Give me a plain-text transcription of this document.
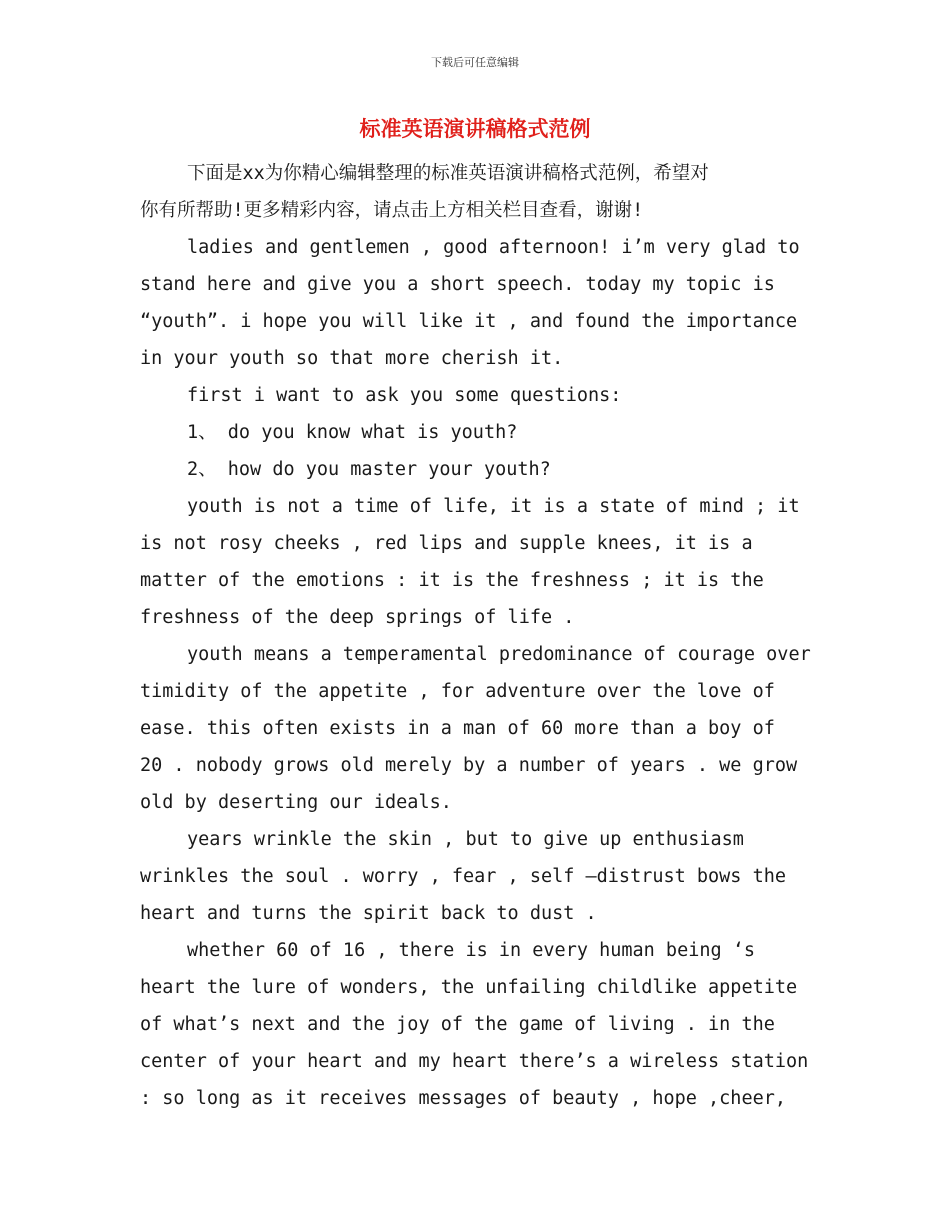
下载后可任意编辑
标准英语演讲稿格式范例
下面是xx为你精心编辑整理的标准英语演讲稿格式范例，希望对
你有所帮助!更多精彩内容，请点击上方相关栏目查看，谢谢!
ladies and gentlemen , good afternoon! i’m very glad to
stand here and give you a short speech. today my topic is
“youth”. i hope you will like it , and found the importance
in your youth so that more cherish it.
first i want to ask you some questions:
1、 do you know what is youth?
2、 how do you master your youth?
youth is not a time of life, it is a state of mind ; it
is not rosy cheeks , red lips and supple knees, it is a
matter of the emotions : it is the freshness ; it is the
freshness of the deep springs of life .
youth means a temperamental predominance of courage over
timidity of the appetite , for adventure over the love of
ease. this often exists in a man of 60 more than a boy of
20 . nobody grows old merely by a number of years . we grow
old by deserting our ideals.
years wrinkle the skin , but to give up enthusiasm
wrinkles the soul . worry , fear , self –distrust bows the
heart and turns the spirit back to dust .
whether 60 of 16 , there is in every human being ‘s
heart the lure of wonders, the unfailing childlike appetite
of what’s next and the joy of the game of living . in the
center of your heart and my heart there’s a wireless station
: so long as it receives messages of beauty , hope ,cheer,
